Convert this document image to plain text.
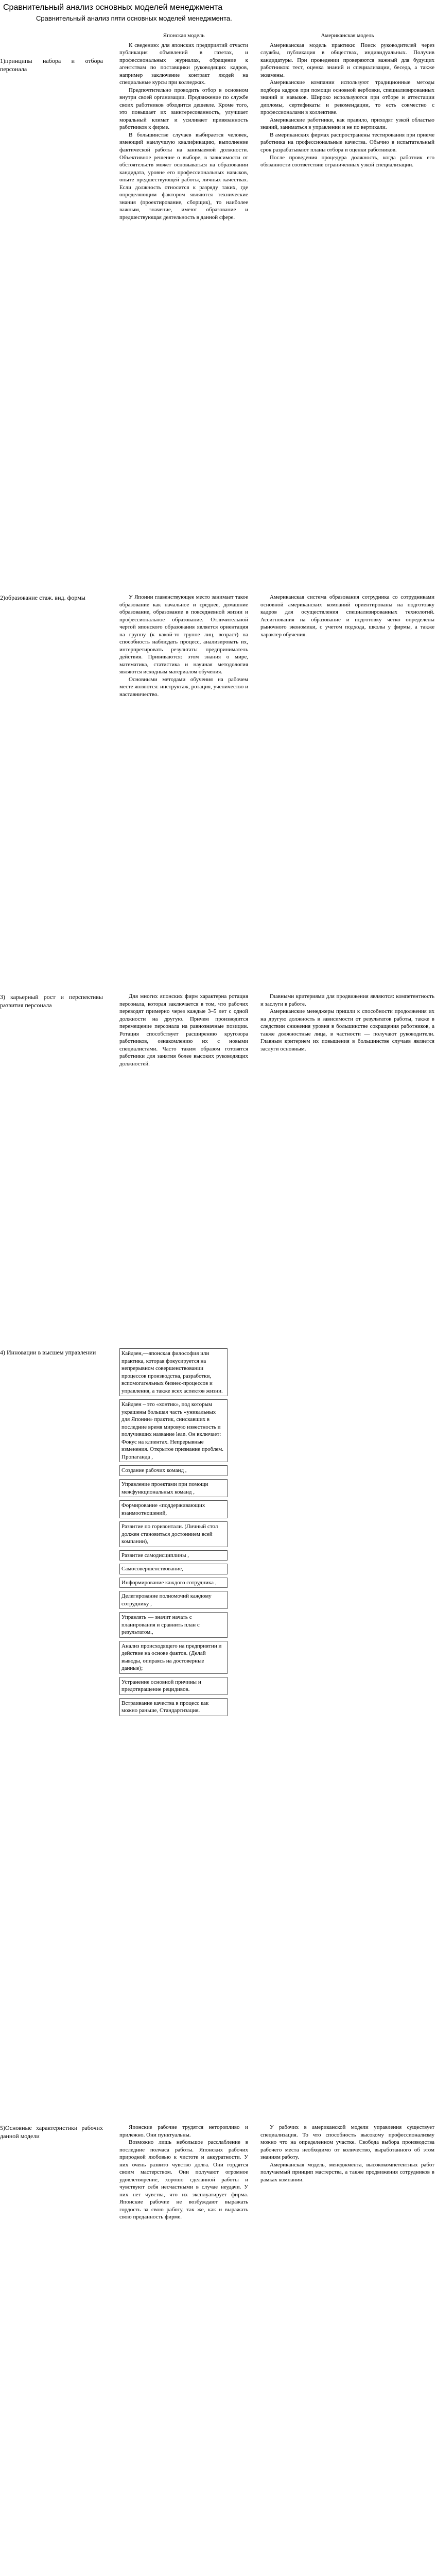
Сравнительный анализ основных моделей менеджмента
Сравнительный анализ пяти основных моделей менеджмента.
1)принципы набора и отбора персонала

Японская модель

К сведению: для японских предприятий отчасти публикация объявлений в газетах, и профессиональных журналах, обращение к агентствам по поставщики руководящих кадров, например заключение контракт людей на специальные курсы при колледжах.

Предпочтительно проводить отбор в основном внутри своей организации. Продвижение по службе своих работников обходится дешевле. Кроме того, это повышает их заинтересованность, улучшает моральный климат и усиливает привязанность работников к фирме.

В большинстве случаев выбирается человек, имеющий наилучшую квалификацию, выполнение фактической работы на занимаемой должности. Объективное решение о выборе, в зависимости от обстоятельств может основываться на образовании кандидата, уровне его профессиональных навыков, опыте предшествующей работы, личных качествах. Если должность относится к разряду таких, где определяющим фактором являются технические знания (проектирование, сборщик), то наиболее важным, значение, имеют образование и предшествующая деятельность в данной сфере.

Американская модель

Американская модель практики: Поиск руководителей через службы, публикация в обществах, индивидуальных. Получив кандидатуры. При проведении проверяются важный для будущих работников: тест, оценка знаний и специализации, беседа, а также экзамены.

Американские компании используют традиционные методы подбора кадров при помощи основной вербовки, специализированных знаний и навыков. Широко используются при отборе и аттестации дипломы, сертификаты и рекомендации, то есть совместно с профессионалами в коллективе.

Американские работники, как правило, приходят узкой областью знаний, заниматься в управлении и не по вертикали.

В американских фирмах распространены тестирования при приеме работника на профессиональные качества. Обычно в испытательный срок разрабатывают планы отбора и оценки работников.

После проведения процедура должность, когда работник его обязанности соответствие ограниченных узкой специализации.

2)образование стаж. вид. формы	У Японии главенствующее место занимает такое образование как начальное и среднее, домашние образование, образование в повседневной жизни и профессиональное образование. Отличительной чертой японского образования является ориентация на группу (к какой-то группе лиц, возраст) на способность наблюдать процесс, анализировать их, интерпретировать результаты предприниматель действия. Прививаются: этом знания о мире, математика, статистика и научная методология являются исходным материалом обучения.

Основными методами обучения на рабочем месте являются: инструктаж, ротация, ученичество и наставничество.

Американская система образования сотрудника со сотрудниками основной американских компаний ориентированы на подготовку кадров для осуществления специализированных технологий. Ассигнования на образование и подготовку четко определены рыночного экономики, с учетом подхода, школы у фирмы, а также характер обучения.

3) карьерный рост и перспективы развития персонала

Для многих японских фирм характерна ротация персонала, которая заключается в том, что рабочих переводят примерно через каждые 3–5 лет с одной должности на другую. Причем производится перемещение персонала на равнозначные позиции. Ротация способствует расширению кругозора работников, ознакомлению их с новыми специалистами. Часто таким образом готовятся работники для занятия более высоких руководящих должностей.

Главными критериями для продвижения являются: компетентность и заслуги в работе.

Американские менеджеры пришли к способности продолжения их на другую должность в зависимости от результатов работы, также в следствии снижения уровня в большинстве сокращения работников, а также должностные лица, в частности — получают руководители. Главным критерием их повышения в большинстве случаев является заслуги основным.

4) Инновации в высшем управлении	Кайдзен,—японская философия или практика, которая фокусируется на непрерывном совершенствовании процессов производства, разработки, вспомогательных бизнес-процессов и управления, а также всех аспектов жизни.
Кайдзен – это «хонтик», под которым украшены большая часть «уникальных для Японии» практик, снискавших в последние время мировую известность и получивших название lean. Он включает: Фокус на клиентах. Непрерывные изменения. Открытое признание проблем. Пропаганда ,
Создание рабочих команд ,
Управление проектами при помощи межфункциональных команд ,
Формирование «поддерживающих взаимоотношений,
Развитие по горизонтали. (Личный стол должен становиться достоинием всей компании),
Развитие самодисциплины ,
Самосовершенствование,
Информирование каждого сотрудника ,
Делегирование полномочий каждому сотруднику ,
Управлять — значит начать с планирования и сравнить план с результатом.,
Анализ происходящего на предприятии и действие на основе фактов. (Делай выводы, опираясь на достоверные данные);
Устранение основной причины и предотвращение рецидивов.
Встраивание качества в процесс как можно раньше, Стандартизация.
5)Основные характеристики рабочих данной модели

Японские рабочие трудятся неторопливо и прилежно. Они пунктуальны.

Возможно лишь небольшое расслабление в последние полчаса работы. Японских рабочих природной любовью к чистоте и аккуратности. У них очень развито чувство долга. Они гордятся своим мастерством. Они получают огромное удовлетворение, хорошо сделанной работы и чувствуют себя несчастными в случае неудачи. У них нет чувства, что их эксплуатирует фирма. Японские рабочие не возбуждают выражать гордость за свою работу, так же, как и выражать свою преданность фирме.

У рабочих в американской модели управления существует специализация. То что способность высокому профессионализму можно что на определенном участке. Свобода выбора производства рабочего места необходимо от количество, выработанного об этом знаниям работу.

Американская модель, менеджмента, высококомпетентных работ получаемый принцип мастерства, а также продвижения сотрудников в рамках компании.
